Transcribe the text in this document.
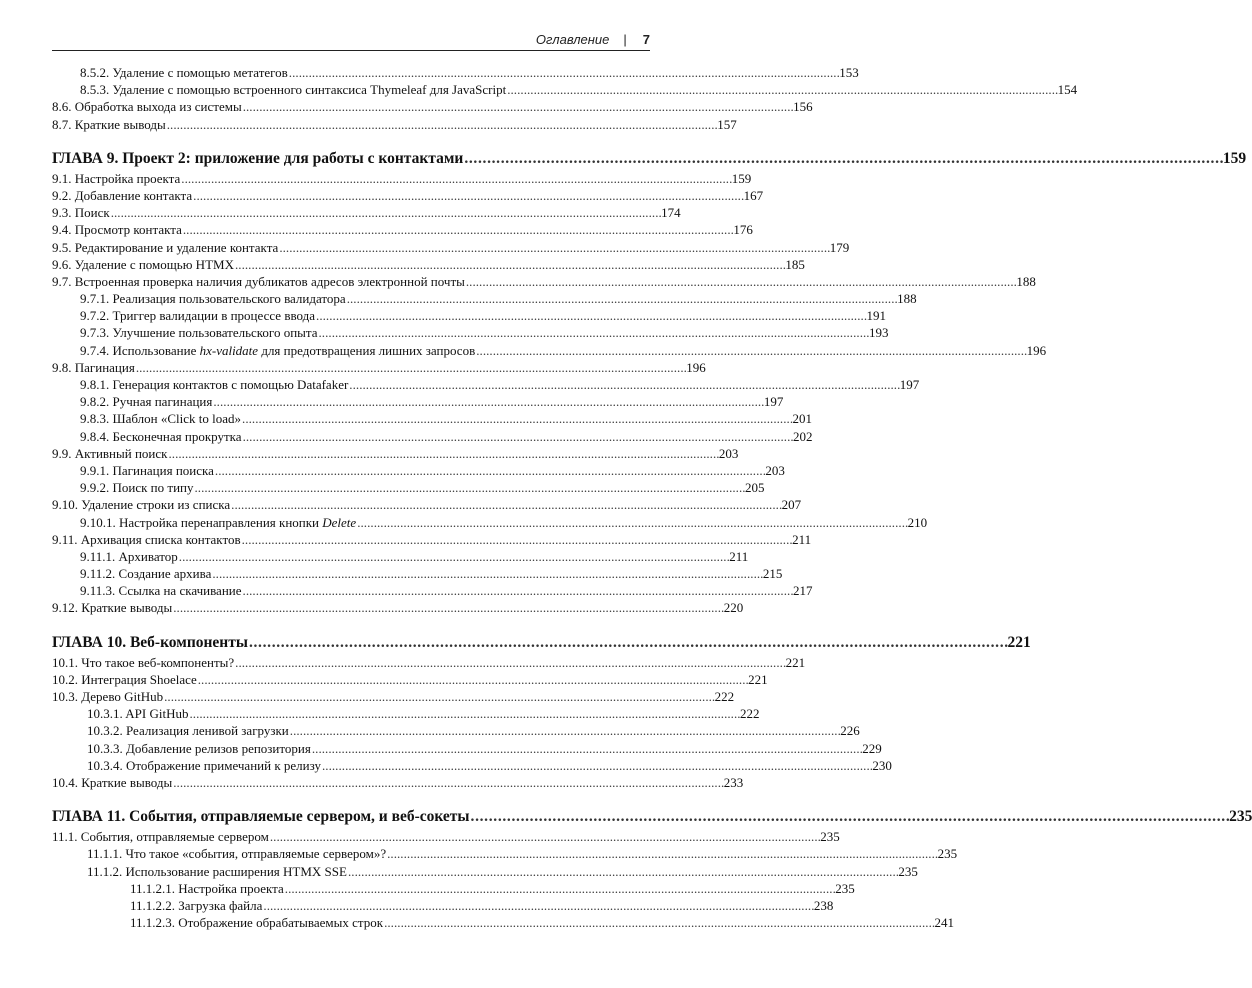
Оглавление | 7
8.5.2. Удаление с помощью метатегов . . .	153
8.5.3. Удаление с помощью встроенного синтаксиса Thymeleaf для JavaScript . . .	154
8.6. Обработка выхода из системы . . .	156
8.7. Краткие выводы . . .	157
ГЛАВА 9. Проект 2: приложение для работы с контактами . . .	159
9.1. Настройка проекта . . .	159
9.2. Добавление контакта . . .	167
9.3. Поиск . . .	174
9.4. Просмотр контакта . . .	176
9.5. Редактирование и удаление контакта . . .	179
9.6. Удаление с помощью HTMX . . .	185
9.7. Встроенная проверка наличия дубликатов адресов электронной почты . . .	188
9.7.1. Реализация пользовательского валидатора . . .	188
9.7.2. Триггер валидации в процессе ввода . . .	191
9.7.3. Улучшение пользовательского опыта . . .	193
9.7.4. Использование hx-validate для предотвращения лишних запросов . . .	196
9.8. Пагинация . . .	196
9.8.1. Генерация контактов с помощью Datafaker . . .	197
9.8.2. Ручная пагинация . . .	197
9.8.3. Шаблон «Click to load» . . .	201
9.8.4. Бесконечная прокрутка . . .	202
9.9. Активный поиск . . .	203
9.9.1. Пагинация поиска . . .	203
9.9.2. Поиск по типу . . .	205
9.10. Удаление строки из списка . . .	207
9.10.1. Настройка перенаправления кнопки Delete . . .	210
9.11. Архивация списка контактов . . .	211
9.11.1. Архиватор . . .	211
9.11.2. Создание архива . . .	215
9.11.3. Ссылка на скачивание . . .	217
9.12. Краткие выводы . . .	220
ГЛАВА 10. Веб-компоненты . . .	221
10.1. Что такое веб-компоненты? . . .	221
10.2. Интеграция Shoelace . . .	221
10.3. Дерево GitHub . . .	222
10.3.1. API GitHub . . .	222
10.3.2. Реализация ленивой загрузки . . .	226
10.3.3. Добавление релизов репозитория . . .	229
10.3.4. Отображение примечаний к релизу . . .	230
10.4. Краткие выводы . . .	233
ГЛАВА 11. События, отправляемые сервером, и веб-сокеты . . .	235
11.1. События, отправляемые сервером . . .	235
11.1.1. Что такое «события, отправляемые сервером»? . . .	235
11.1.2. Использование расширения HTMX SSE . . .	235
11.1.2.1. Настройка проекта . . .	235
11.1.2.2. Загрузка файла . . .	238
11.1.2.3. Отображение обрабатываемых строк . . .	241
